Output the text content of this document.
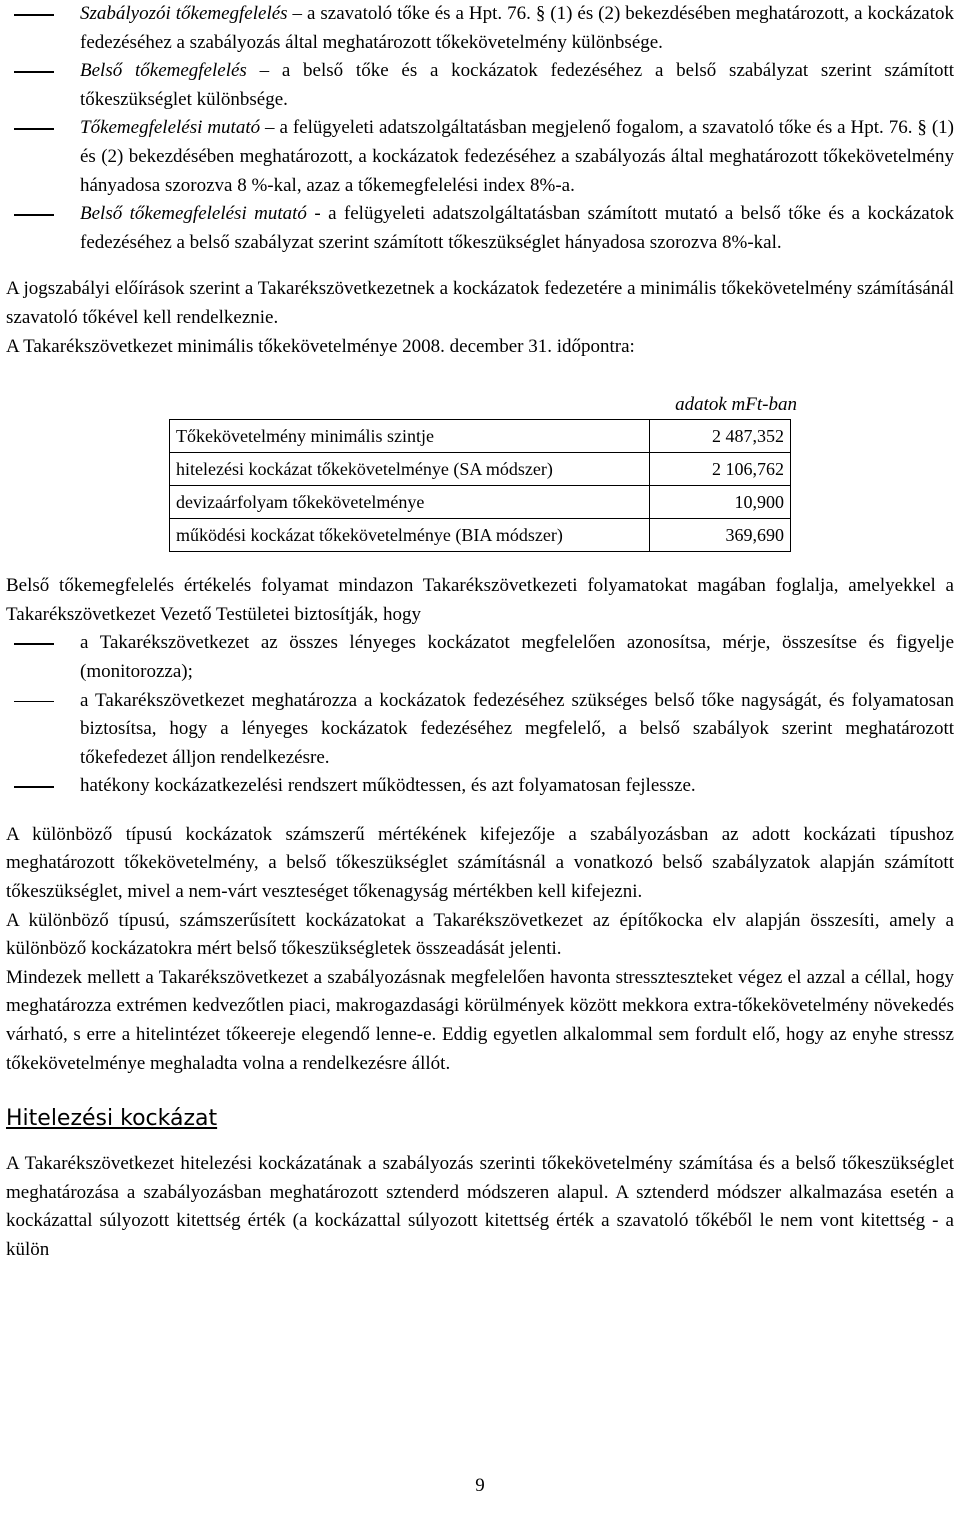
Szabályozói tőkemegfelelés – a szavatoló tőke és a Hpt. 76. § (1) és (2) bekezdésében meghatározott, a kockázatok fedezéséhez a szabályozás által meghatározott tőkekövetelmény különbsége.
Belső tőkemegfelelés – a belső tőke és a kockázatok fedezéséhez a belső szabályzat szerint számított tőkeszükséglet különbsége.
Tőkemegfelelési mutató – a felügyeleti adatszolgáltatásban megjelenő fogalom, a szavatoló tőke és a Hpt. 76. § (1) és (2) bekezdésében meghatározott, a kockázatok fedezéséhez a szabályozás által meghatározott tőkekövetelmény hányadosa szorozva 8 %-kal, azaz a tőkemegfelelési index 8%-a.
Belső tőkemegfelelési mutató - a felügyeleti adatszolgáltatásban számított mutató a belső tőke és a kockázatok fedezéséhez a belső szabályzat szerint számított tőkeszükséglet hányadosa szorozva 8%-kal.

A jogszabályi előírások szerint a Takarékszövetkezetnek a kockázatok fedezetére a minimális tőkekövetelmény számításánál szavatoló tőkével kell rendelkeznie.

A Takarékszövetkezet minimális tőkekövetelménye 2008. december 31. időpontra:

adatok mFt-ban
Tőkekövetelmény minimális szintje	2 487,352
hitelezési kockázat tőkekövetelménye (SA módszer)	2 106,762
devizaárfolyam tőkekövetelménye	10,900
működési kockázat tőkekövetelménye (BIA módszer)	369,690

Belső tőkemegfelelés értékelés folyamat mindazon Takarékszövetkezeti folyamatokat magában foglalja, amelyekkel a Takarékszövetkezet Vezető Testületei biztosítják, hogy

a Takarékszövetkezet az összes lényeges kockázatot megfelelően azonosítsa, mérje, összesítse és figyelje (monitorozza);
a Takarékszövetkezet meghatározza a kockázatok fedezéséhez szükséges belső tőke nagyságát, és folyamatosan biztosítsa, hogy a lényeges kockázatok fedezéséhez megfelelő, a belső szabályok szerint meghatározott tőkefedezet álljon rendelkezésre.
hatékony kockázatkezelési rendszert működtessen, és azt folyamatosan fejlessze.

A különböző típusú kockázatok számszerű mértékének kifejezője a szabályozásban az adott kockázati típushoz meghatározott tőkekövetelmény, a belső tőkeszükséglet számításnál a vonatkozó belső szabályzatok alapján számított tőkeszükséglet, mivel a nem-várt veszteséget tőkenagyság mértékben kell kifejezni.

A különböző típusú, számszerűsített kockázatokat a Takarékszövetkezet az építőkocka elv alapján összesíti, amely a különböző kockázatokra mért belső tőkeszükségletek összeadását jelenti.

Mindezek mellett a Takarékszövetkezet a szabályozásnak megfelelően havonta stresszteszteket végez el azzal a céllal, hogy meghatározza extrémen kedvezőtlen piaci, makrogazdasági körülmények között mekkora extra-tőkekövetelmény növekedés várható, s erre a hitelintézet tőkeereje elegendő lenne-e. Eddig egyetlen alkalommal sem fordult elő, hogy az enyhe stressz tőkekövetelménye meghaladta volna a rendelkezésre állót.

Hitelezési kockázat

A Takarékszövetkezet hitelezési kockázatának a szabályozás szerinti tőkekövetelmény számítása és a belső tőkeszükséglet meghatározása a szabályozásban meghatározott sztenderd módszeren alapul. A sztenderd módszer alkalmazása esetén a kockázattal súlyozott kitettség érték (a kockázattal súlyozott kitettség érték a szavatoló tőkéből le nem vont kitettség - a külön

9
